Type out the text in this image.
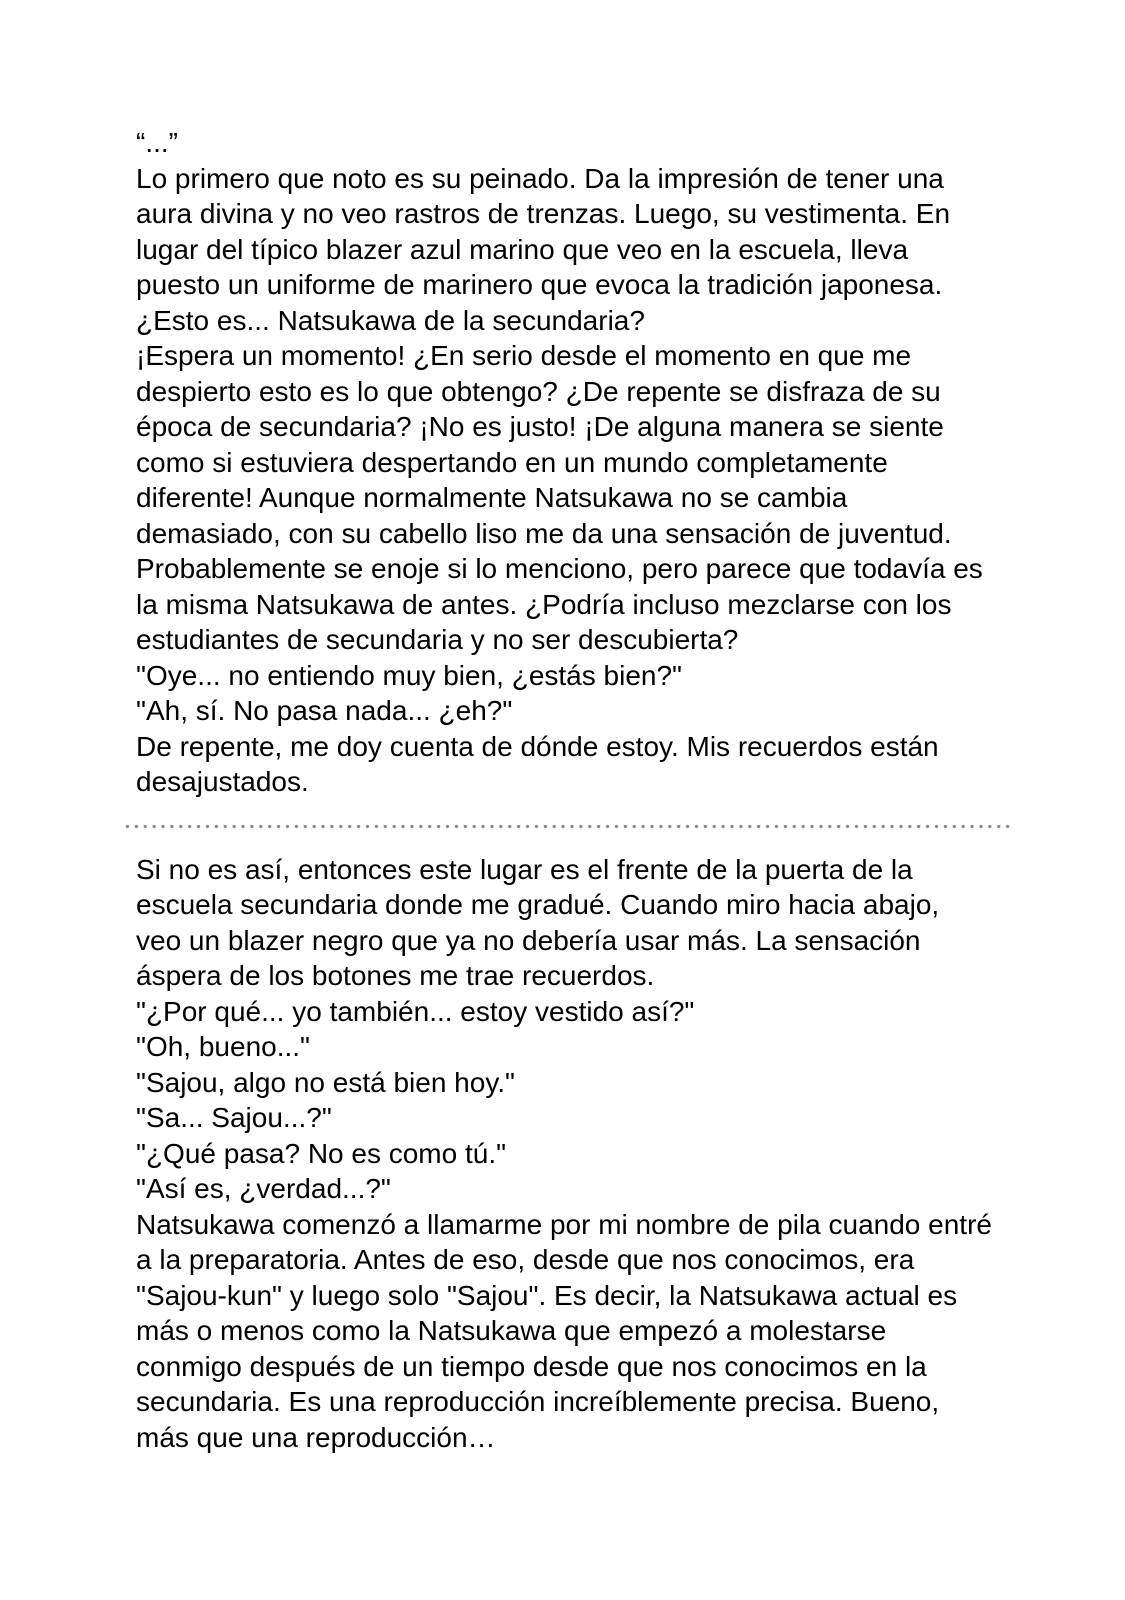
“...”

Lo primero que noto es su peinado. Da la impresión de tener una aura divina y no veo rastros de trenzas. Luego, su vestimenta. En lugar del típico blazer azul marino que veo en la escuela, lleva puesto un uniforme de marinero que evoca la tradición japonesa.

¿Esto es... Natsukawa de la secundaria?

¡Espera un momento! ¿En serio desde el momento en que me despierto esto es lo que obtengo? ¿De repente se disfraza de su época de secundaria? ¡No es justo! ¡De alguna manera se siente como si estuviera despertando en un mundo completamente diferente! Aunque normalmente Natsukawa no se cambia demasiado, con su cabello liso me da una sensación de juventud. Probablemente se enoje si lo menciono, pero parece que todavía es la misma Natsukawa de antes. ¿Podría incluso mezclarse con los estudiantes de secundaria y no ser descubierta?

"Oye... no entiendo muy bien, ¿estás bien?"

"Ah, sí. No pasa nada... ¿eh?"

De repente, me doy cuenta de dónde estoy. Mis recuerdos están desajustados.

Si no es así, entonces este lugar es el frente de la puerta de la escuela secundaria donde me gradué. Cuando miro hacia abajo, veo un blazer negro que ya no debería usar más. La sensación áspera de los botones me trae recuerdos.

"¿Por qué... yo también... estoy vestido así?"

"Oh, bueno..."

"Sajou, algo no está bien hoy."

"Sa... Sajou...?"

"¿Qué pasa? No es como tú."

"Así es, ¿verdad...?"

Natsukawa comenzó a llamarme por mi nombre de pila cuando entré a la preparatoria. Antes de eso, desde que nos conocimos, era "Sajou-kun" y luego solo "Sajou". Es decir, la Natsukawa actual es más o menos como la Natsukawa que empezó a molestarse conmigo después de un tiempo desde que nos conocimos en la secundaria. Es una reproducción increíblemente precisa. Bueno, más que una reproducción…
